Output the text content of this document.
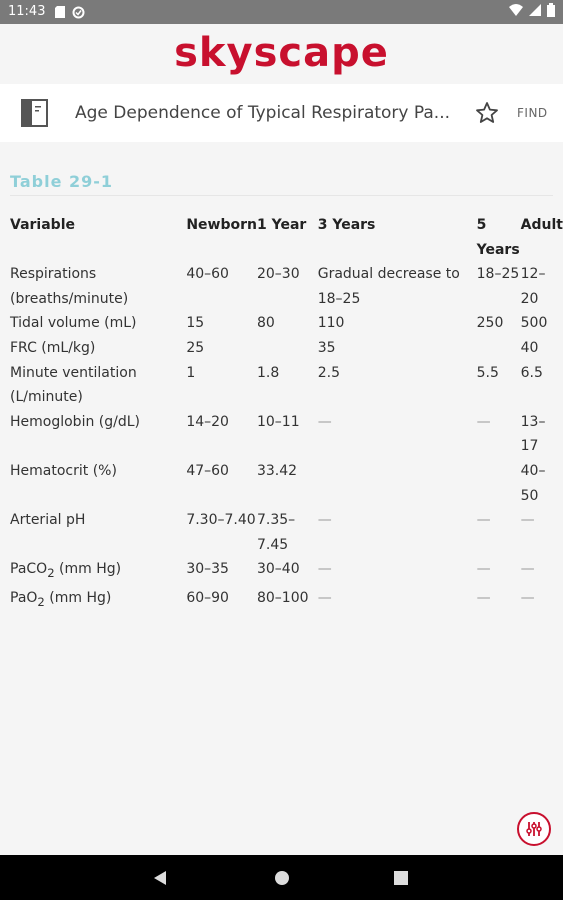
11:43
skyscape
Age Dependence of Typical Respiratory Pa...	FIND
Table 29-1
Variable	Newborn	1 Year	3 Years	5 Years	Adult
Respirations (breaths/minute)	40–60	20–30	Gradual decrease to 18–25	18–25	12–20
Tidal volume (mL)	15	80	110	250	500
FRC (mL/kg)	25		35		40
Minute ventilation (L/minute)	1	1.8	2.5	5.5	6.5
Hemoglobin (g/dL)	14–20	10–11	—	—	13–17
Hematocrit (%)	47–60	33.42			40–50
Arterial pH	7.30–7.40	7.35–7.45	—	—	—
PaCO$_2$ (mm Hg)	30–35	30–40	—	—	—
PaO$_2$ (mm Hg)	60–90	80–100	—	—	—
